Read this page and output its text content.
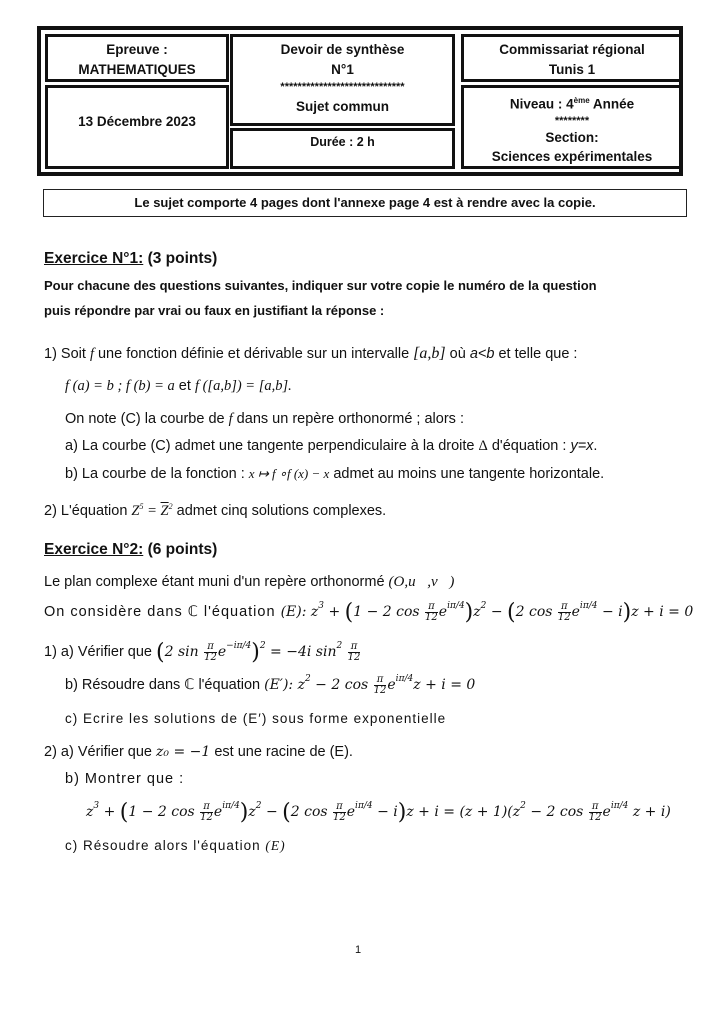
Epreuve :
MATHEMATIQUES
13 Décembre 2023
Devoir de synthèse
N°1
*****************************
Sujet commun
Durée : 2 h
Commissariat régional
Tunis 1
Niveau : 4ème Année
********
Section:
Sciences expérimentales
Le sujet comporte 4 pages dont l'annexe page 4 est à rendre avec la copie.
Exercice N°1: (3 points)
Pour chacune des questions suivantes, indiquer sur votre copie le numéro de la question
puis répondre par vrai ou faux en justifiant la réponse :
1) Soit f une fonction définie et dérivable sur un intervalle [a,b] où a<b et telle que :
f (a) = b ; f (b) = a et f ([a,b]) = [a,b].
On note (C) la courbe de f dans un repère orthonormé ; alors :
a) La courbe (C) admet une tangente perpendiculaire à la droite Δ d'équation : y=x.
b) La courbe de la fonction : x ↦ f ∘f (x) − x admet au moins une tangente horizontale.
2) L'équation $Z^5 = \overline{Z}^2$ admet cinq solutions complexes.
Exercice N°2: (6 points)
Le plan complexe étant muni d'un repère orthonormé (O,u⃗,v⃗)
On considère dans ℂ l'équation (E): $z^3 + (1 - 2$ $\cos \frac{\pi}{12} e^{i\pi/4})z^2 - (2$ $\cos \frac{\pi}{12} e^{i\pi/4} - i)z + i = 0$
1) a) Vérifier que (2 $\sin \frac{\pi}{12} e^{-i\pi/4})^2 = -4i$ $\sin^2 \frac{\pi}{12}$
b) Résoudre dans ℂ l'équation (E′): $z^2 - 2$ $\cos \frac{\pi}{12} e^{i\pi/4}z + i = 0$
c) Ecrire les solutions de (E′) sous forme exponentielle
2) a) Vérifier que z₀ = −1 est une racine de (E).
b) Montrer que :
$z^3 + (1 - 2$ $\cos \frac{\pi}{12} e^{i\pi/4})z^2 - (2$ $\cos \frac{\pi}{12} e^{i\pi/4} - i)z + i = (z + 1)(z^2 - 2$ $\cos \frac{\pi}{12} e^{i\pi/4}$ z + i)
c) Résoudre alors l'équation (E)
1
